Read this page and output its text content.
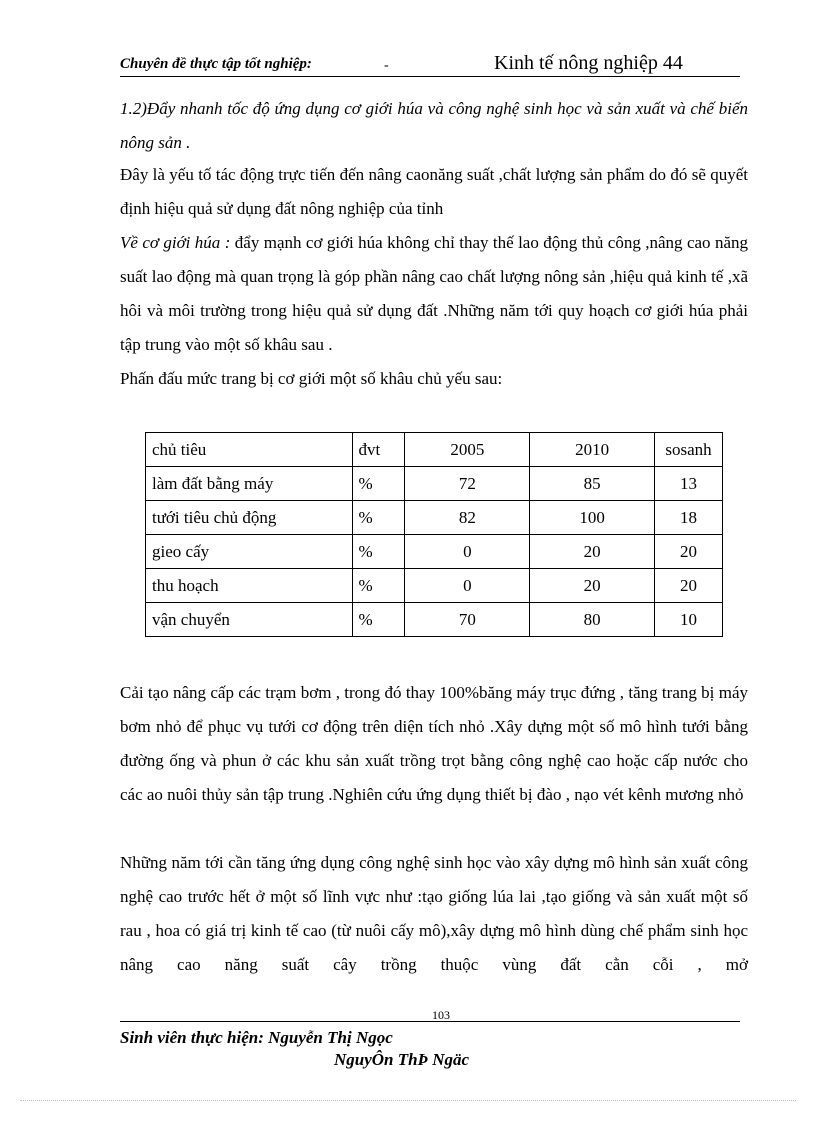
Chuyên đề thực tập tốt nghiệp:	-	Kinh tế nông nghiệp 44
1.2)Đẩy nhanh tốc độ ứng dụng cơ giới húa và công nghệ sinh học và sản xuất và chế biến nông sản .
Đây là yếu tố tác động trực tiến đến nâng caonăng suất ,chất lượng sản phẩm do đó sẽ quyết định hiệu quả sử dụng đất nông nghiệp của tỉnh
Về cơ giới húa : đẩy mạnh cơ giới húa không chỉ thay thế lao động thủ công ,nâng cao năng suất lao động mà quan trọng là góp phần nâng cao chất lượng nông sản ,hiệu quả kinh tế ,xã hôi và môi trường trong hiệu quả sử dụng đất .Những năm tới quy hoạch cơ giới húa phải tập trung vào một số khâu sau .
Phấn đấu mức trang bị cơ giới một số khâu chủ yếu sau:
chủ tiêu	đvt	2005	2010	sosanh
làm đất bằng máy	%	72	85	13
tưới tiêu chủ động	%	82	100	18
gieo cấy	%	0	20	20
thu hoạch	%	0	20	20
vận chuyển	%	70	80	10
Cải tạo nâng cấp các trạm bơm , trong đó thay 100%băng máy trục đứng , tăng trang bị máy bơm nhỏ để phục vụ tưới cơ động trên diện tích nhỏ .Xây dựng một số mô hình tưới bằng đường ống và phun ở các khu sản xuất trồng trọt bằng công nghệ cao hoặc cấp nước cho các ao nuôi thủy sản tập trung .Nghiên cứu ứng dụng thiết bị đào , nạo vét kênh mương nhỏ
Những năm tới cần tăng ứng dụng công nghệ sinh học vào xây dựng mô hình sản xuất công nghệ cao trước hết ở một số lĩnh vực như :tạo giống lúa lai ,tạo giống và sản xuất một số rau , hoa có giá trị kinh tế cao (từ nuôi cấy mô),xây dựng mô hình dùng chế phẩm sinh học nâng cao năng suất cây trồng thuộc vùng đất cằn cỗi , mở
103
Sinh viên thực hiện: Nguyễn Thị Ngọc
NguyÔn ThÞ Ngäc
